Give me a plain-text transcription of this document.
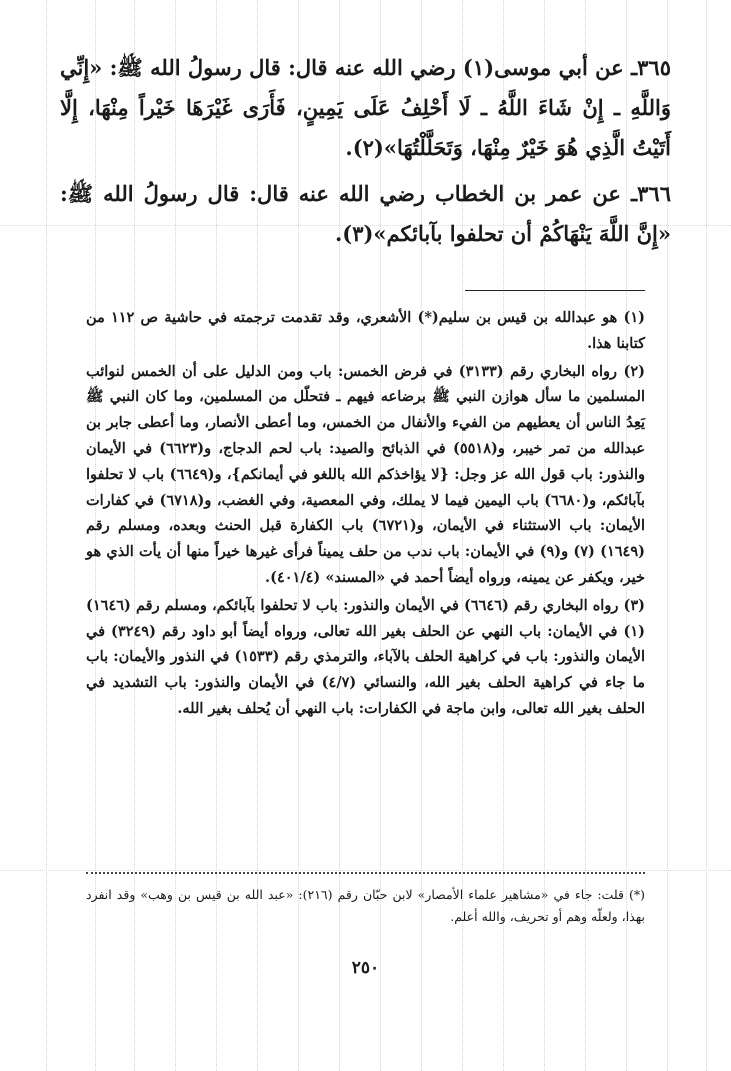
٣٦٥ـ عن أبي موسى(١) رضي الله عنه قال: قال رسولُ الله ﷺ: «إِنِّي وَاللَّهِ ـ إِنْ شَاءَ اللَّهُ ـ لَا أَحْلِفُ عَلَى يَمِينٍ، فَأَرَى غَيْرَهَا خَيْراً مِنْهَا، إِلَّا أَتَيْتُ الَّذِي هُوَ خَيْرٌ مِنْهَا، وَتَحَلَّلْتُهَا»(٢).

٣٦٦ـ عن عمر بن الخطاب رضي الله عنه قال: قال رسولُ الله ﷺ: «إِنَّ اللَّهَ يَنْهَاكُمْ أن تحلفوا بآبائكم»(٣).

(١) هو عبدالله بن قيس بن سليم(*) الأشعري، وقد تقدمت ترجمته في حاشية ص ١١٢ من كتابنا هذا.

(٢) رواه البخاري رقم (٣١٣٣) في فرض الخمس: باب ومن الدليل على أن الخمس لنوائب المسلمين ما سأل هوازن النبي ﷺ برضاعه فيهم ـ فتحلّل من المسلمين، وما كان النبي ﷺ يَعِدُ الناس أن يعطيهم من الفيء والأنفال من الخمس، وما أعطى الأنصار، وما أعطى جابر بن عبدالله من تمر خيبر، و(٥٥١٨) في الذبائح والصيد: باب لحم الدجاج، و(٦٦٢٣) في الأيمان والنذور: باب قول الله عز وجل: {لا يؤاخذكم الله باللغو في أيمانكم}، و(٦٦٤٩) باب لا تحلفوا بآبائكم، و(٦٦٨٠) باب اليمين فيما لا يملك، وفي المعصية، وفي الغضب، و(٦٧١٨) في كفارات الأيمان: باب الاستثناء في الأيمان، و(٦٧٢١) باب الكفارة قبل الحنث وبعده، ومسلم رقم (١٦٤٩) (٧) و(٩) في الأيمان: باب ندب من حلف يميناً فرأى غيرها خيراً منها أن يأت الذي هو خير، ويكفر عن يمينه، ورواه أيضاً أحمد في «المسند» (٤٠١/٤).

(٣) رواه البخاري رقم (٦٦٤٦) في الأيمان والنذور: باب لا تحلفوا بآبائكم، ومسلم رقم (١٦٤٦) (١) في الأيمان: باب النهي عن الحلف بغير الله تعالى، ورواه أيضاً أبو داود رقم (٣٢٤٩) في الأيمان والنذور: باب في كراهية الحلف بالآباء، والترمذي رقم (١٥٣٣) في النذور والأيمان: باب ما جاء في كراهية الحلف بغير الله، والنسائي (٤/٧) في الأيمان والنذور: باب التشديد في الحلف بغير الله تعالى، وابن ماجة في الكفارات: باب النهي أن يُحلف بغير الله.

(*) قلت: جاء في «مشاهير علماء الأمصار» لابن حبّان رقم (٢١٦): «عبد الله بن قيس بن وهب» وقد انفرد بهذا، ولعلّه وهم أو تحريف، والله أعلم.
٢٥٠
